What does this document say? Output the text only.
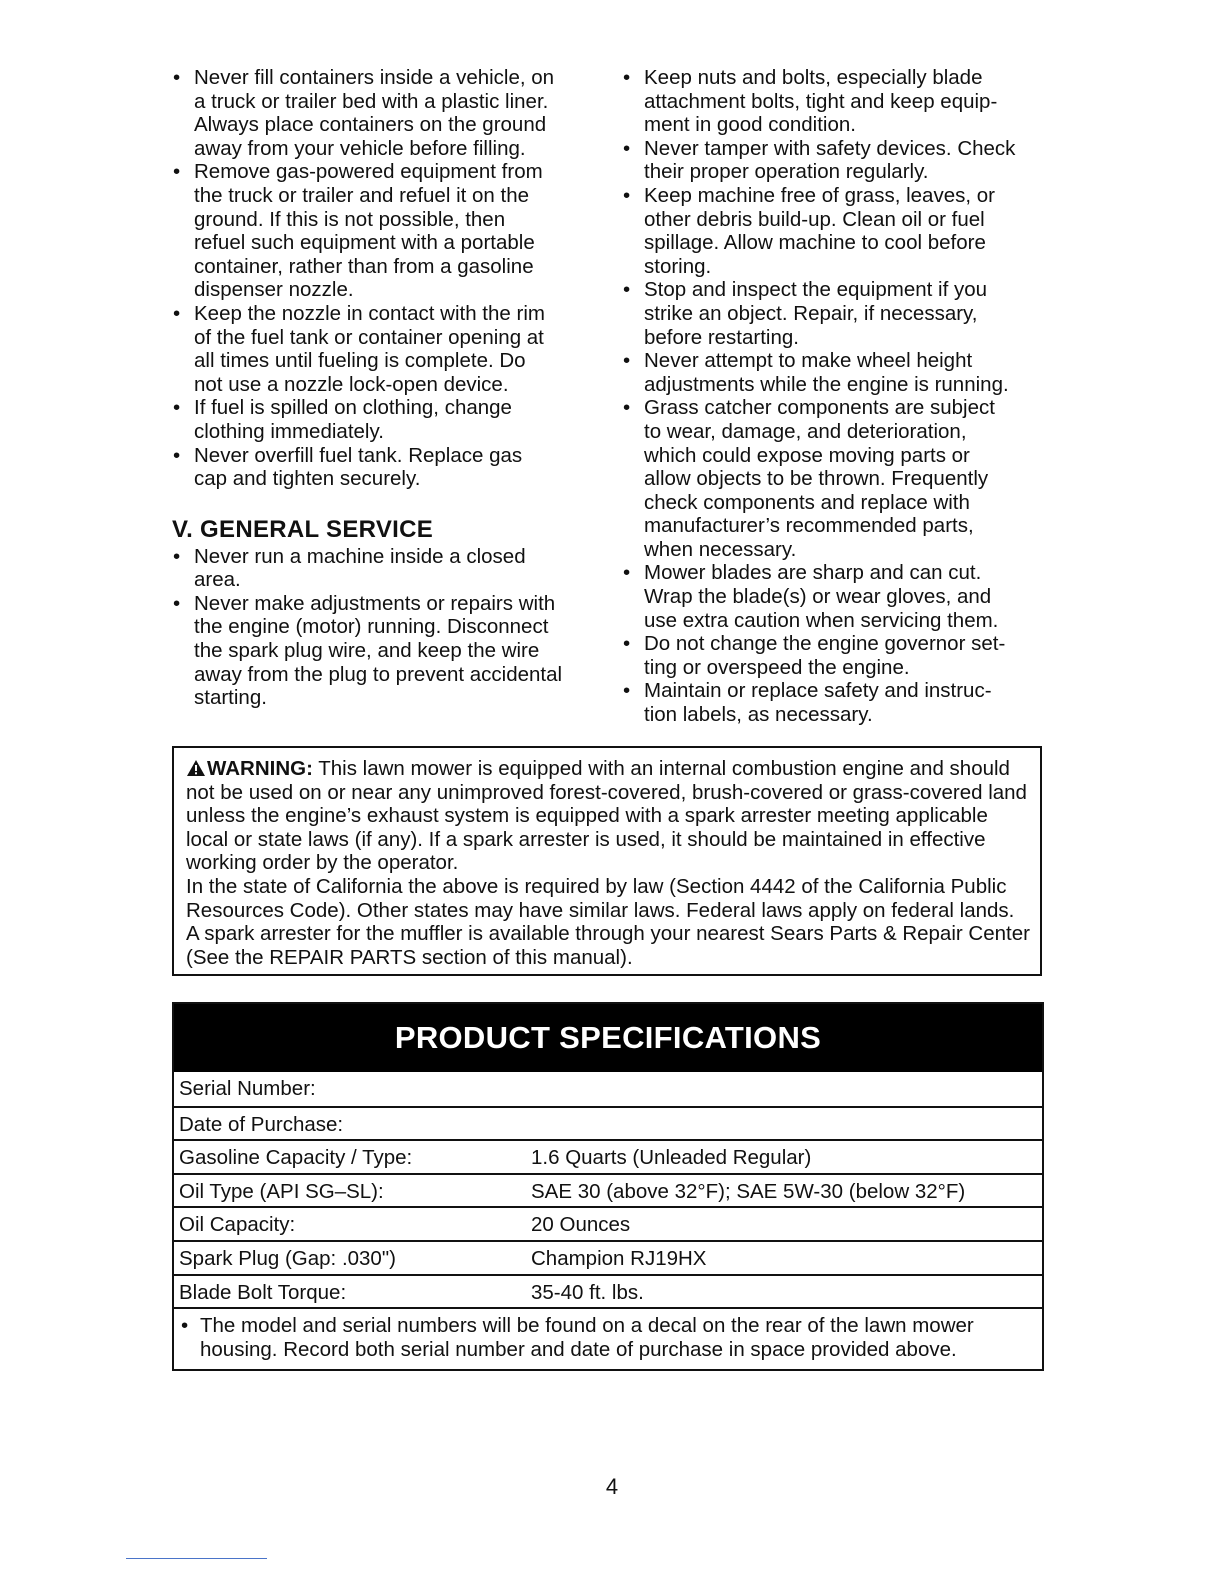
• Never fill containers inside a vehicle, on
a truck or trailer bed with a plastic liner.
Always place containers on the ground
away from your vehicle before filling.
• Remove gas-powered equipment from
the truck or trailer and refuel it on the
ground. If this is not possible, then
refuel such equipment with a portable
container, rather than from a gasoline
dispenser nozzle.
• Keep the nozzle in contact with the rim
of the fuel tank or container opening at
all times until fueling is complete. Do
not use a nozzle lock-open device.
• If fuel is spilled on clothing, change
clothing immediately.
• Never overfill fuel tank. Replace gas
cap and tighten securely.
V. GENERAL SERVICE
• Never run a machine inside a closed
area.
• Never make adjustments or repairs with
the engine (motor) running. Disconnect
the spark plug wire, and keep the wire
away from the plug to prevent accidental
starting.
• Keep nuts and bolts, especially blade
attachment bolts, tight and keep equip-
ment in good condition.
• Never tamper with safety devices. Check
their proper operation regularly.
• Keep machine free of grass, leaves, or
other debris build-up. Clean oil or fuel
spillage. Allow machine to cool before
storing.
• Stop and inspect the equipment if you
strike an object. Repair, if necessary,
before restarting.
• Never attempt to make wheel height
adjustments while the engine is running.
• Grass catcher components are subject
to wear, damage, and deterioration,
which could expose moving parts or
allow objects to be thrown. Frequently
check components and replace with
manufacturer’s recommended parts,
when necessary.
• Mower blades are sharp and can cut.
Wrap the blade(s) or wear gloves, and
use extra caution when servicing them.
• Do not change the engine governor set-
ting or overspeed the engine.
• Maintain or replace safety and instruc-
tion labels, as necessary.

WARNING: This lawn mower is equipped with an internal combustion engine and should not be used on or near any unimproved forest-covered, brush-covered or grass-covered land unless the engine’s exhaust system is equipped with a spark arrester meeting applicable local or state laws (if any). If a spark arrester is used, it should be maintained in effective working order by the operator.

In the state of California the above is required by law (Section 4442 of the California Public Resources Code). Other states may have similar laws. Federal laws apply on federal lands. A spark arrester for the muffler is available through your nearest Sears Parts & Repair Center (See the REPAIR PARTS section of this manual).

PRODUCT SPECIFICATIONS
Serial Number:
Date of Purchase:
Gasoline Capacity / Type:	1.6 Quarts (Unleaded Regular)
Oil Type (API SG–SL):	SAE 30 (above 32°F); SAE 5W-30 (below 32°F)
Oil Capacity:	20 Ounces
Spark Plug (Gap: .030")	Champion RJ19HX
Blade Bolt Torque:	35-40 ft. lbs.
• The model and serial numbers will be found on a decal on the rear of the lawn mower
housing. Record both serial number and date of purchase in space provided above.
4
